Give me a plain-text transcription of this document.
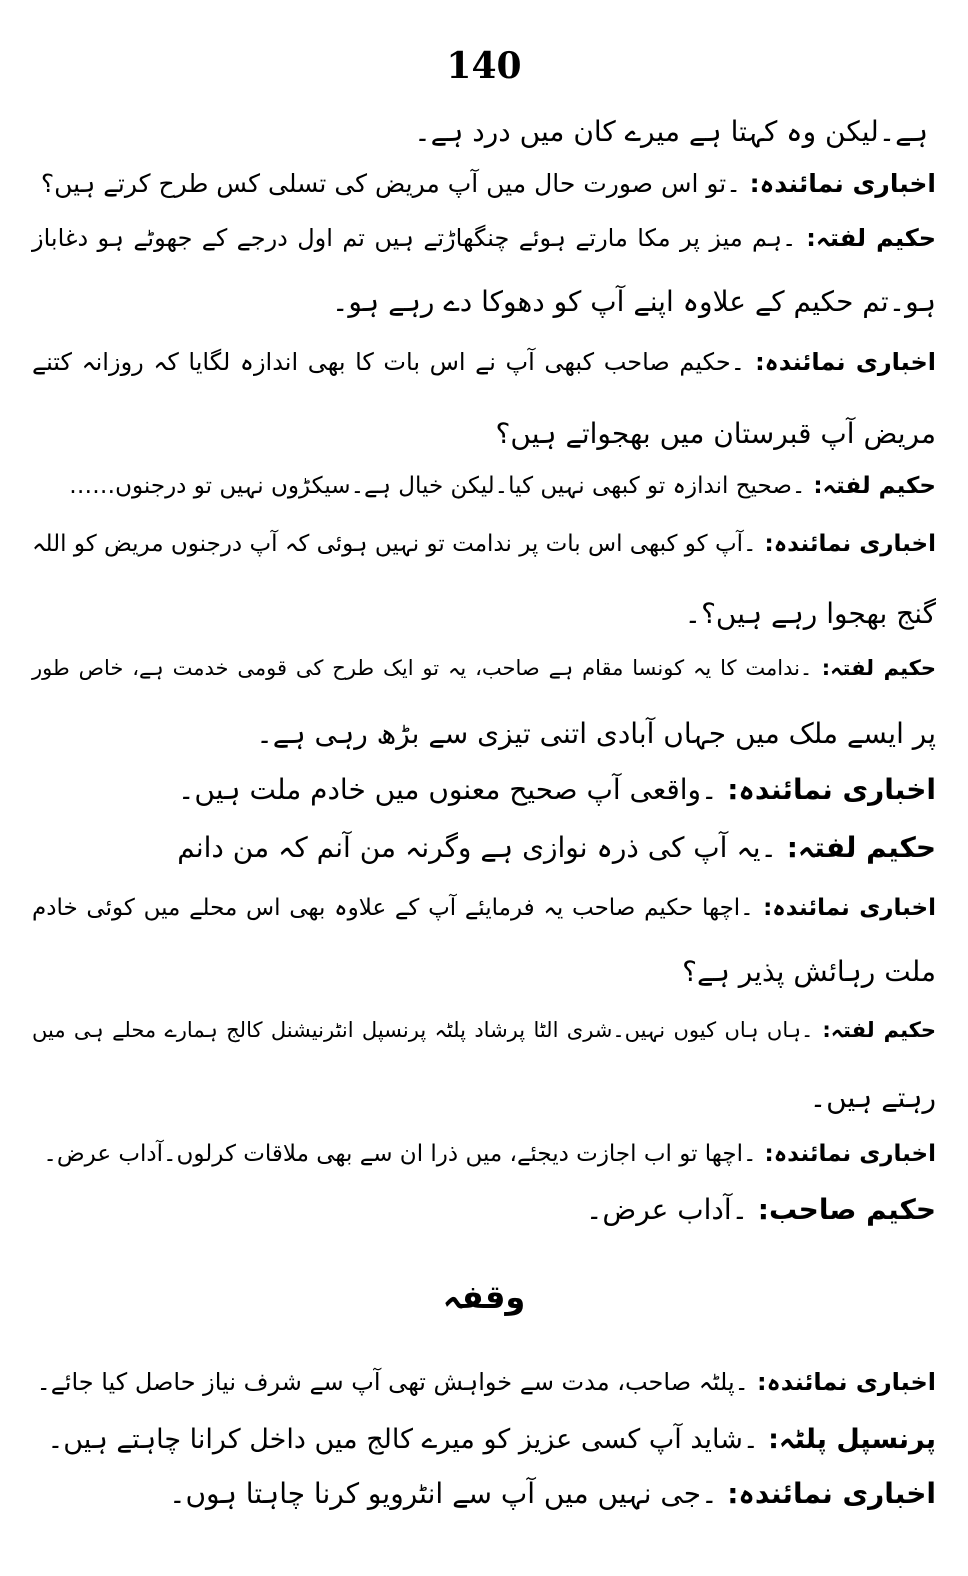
140
ہے۔لیکن وہ کہتا ہے میرے کان میں درد ہے۔
اخباری نمائندہ: ۔تو اس صورت حال میں آپ مریض کی تسلی کس طرح کرتے ہیں؟
حکیم لفتہ: ۔ہم میز پر مکا مارتے ہوئے چنگھاڑتے ہیں تم اول درجے کے جھوٹے ہو دغاباز
ہو۔تم حکیم کے علاوہ اپنے آپ کو دھوکا دے رہے ہو۔
اخباری نمائندہ: ۔حکیم صاحب کبھی آپ نے اس بات کا بھی اندازہ لگایا کہ روزانہ کتنے
مریض آپ قبرستان میں بھجواتے ہیں؟
حکیم لفتہ: ۔صحیح اندازہ تو کبھی نہیں کیا۔لیکن خیال ہے۔سیکڑوں نہیں تو درجنوں……
اخباری نمائندہ: ۔آپ کو کبھی اس بات پر ندامت تو نہیں ہوئی کہ آپ درجنوں مریض کو اللہ
گنج بھجوا رہے ہیں؟۔
حکیم لفتہ: ۔ندامت کا یہ کونسا مقام ہے صاحب، یہ تو ایک طرح کی قومی خدمت ہے، خاص طور
پر ایسے ملک میں جہاں آبادی اتنی تیزی سے بڑھ رہی ہے۔
اخباری نمائندہ: ۔واقعی آپ صحیح معنوں میں خادم ملت ہیں۔
حکیم لفتہ: ۔یہ آپ کی ذرہ نوازی ہے وگرنہ من آنم کہ من دانم
اخباری نمائندہ: ۔اچھا حکیم صاحب یہ فرمایئے آپ کے علاوہ بھی اس محلے میں کوئی خادم
ملت رہائش پذیر ہے؟
حکیم لفتہ: ۔ہاں ہاں کیوں نہیں۔شری الٹا پرشاد پلٹہ پرنسپل انٹرنیشنل کالج ہمارے محلے ہی میں
رہتے ہیں۔
اخباری نمائندہ: ۔اچھا تو اب اجازت دیجئے، میں ذرا ان سے بھی ملاقات کرلوں۔آداب عرض۔
حکیم صاحب: ۔آداب عرض۔
وقفہ
اخباری نمائندہ: ۔پلٹہ صاحب، مدت سے خواہش تھی آپ سے شرف نیاز حاصل کیا جائے۔
پرنسپل پلٹہ: ۔شاید آپ کسی عزیز کو میرے کالج میں داخل کرانا چاہتے ہیں۔
اخباری نمائندہ: ۔جی نہیں میں آپ سے انٹرویو کرنا چاہتا ہوں۔
